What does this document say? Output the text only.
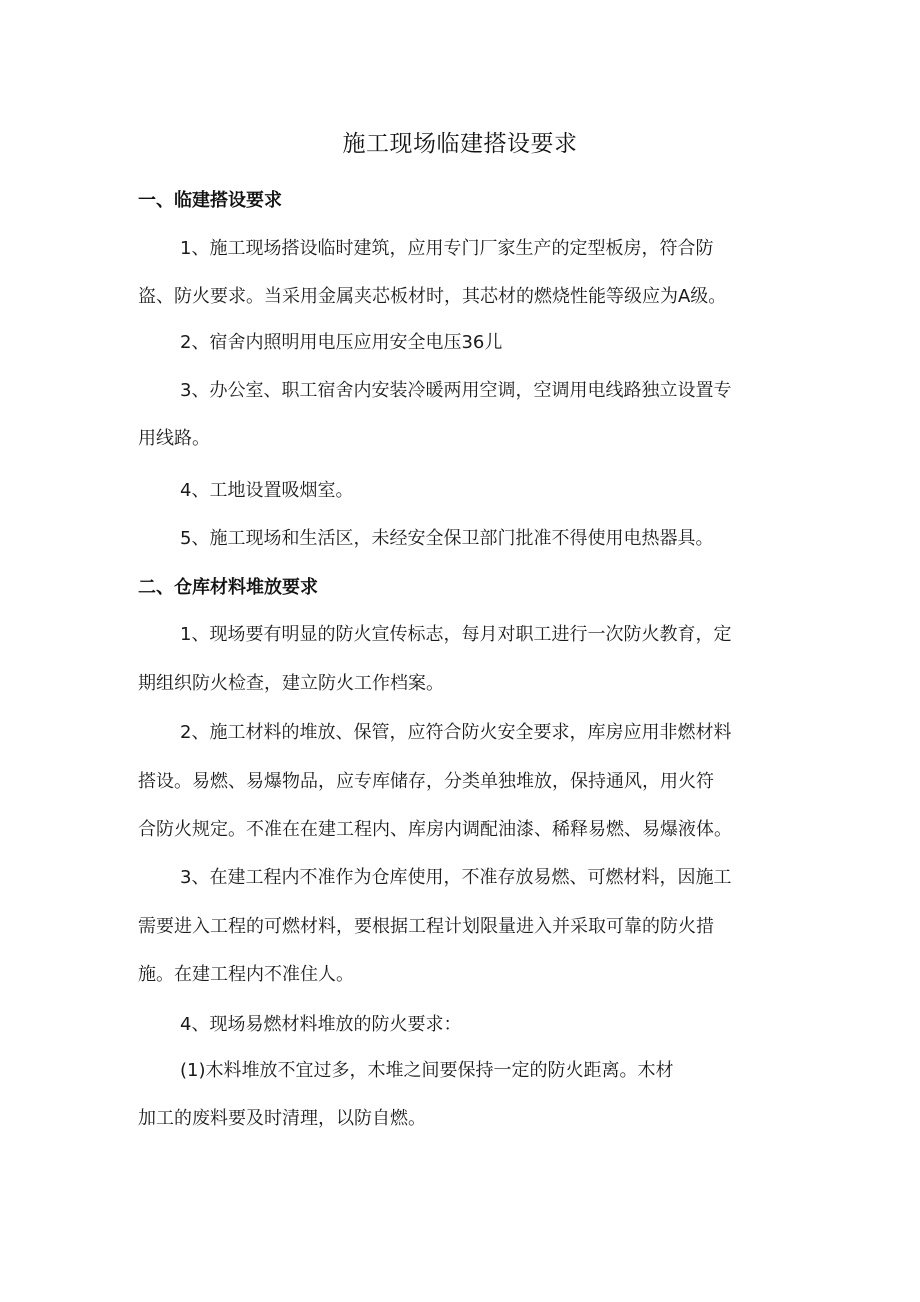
施工现场临建搭设要求
一、临建搭设要求
1、施工现场搭设临时建筑，应用专门厂家生产的定型板房，符合防
盗、防火要求。当采用金属夹芯板材时，其芯材的燃烧性能等级应为A级。
2、宿舍内照明用电压应用安全电压36儿
3、办公室、职工宿舍内安装冷暖两用空调，空调用电线路独立设置专
用线路。
4、工地设置吸烟室。
5、施工现场和生活区，未经安全保卫部门批准不得使用电热器具。
二、仓库材料堆放要求
1、现场要有明显的防火宣传标志，每月对职工进行一次防火教育，定
期组织防火检查，建立防火工作档案。
2、施工材料的堆放、保管，应符合防火安全要求，库房应用非燃材料
搭设。易燃、易爆物品，应专库储存，分类单独堆放，保持通风，用火符
合防火规定。不准在在建工程内、库房内调配油漆、稀释易燃、易爆液体。
3、在建工程内不准作为仓库使用，不准存放易燃、可燃材料，因施工
需要进入工程的可燃材料，要根据工程计划限量进入并采取可靠的防火措
施。在建工程内不准住人。
4、现场易燃材料堆放的防火要求：
(1)木料堆放不宜过多，木堆之间要保持一定的防火距离。木材
加工的废料要及时清理，以防自燃。
